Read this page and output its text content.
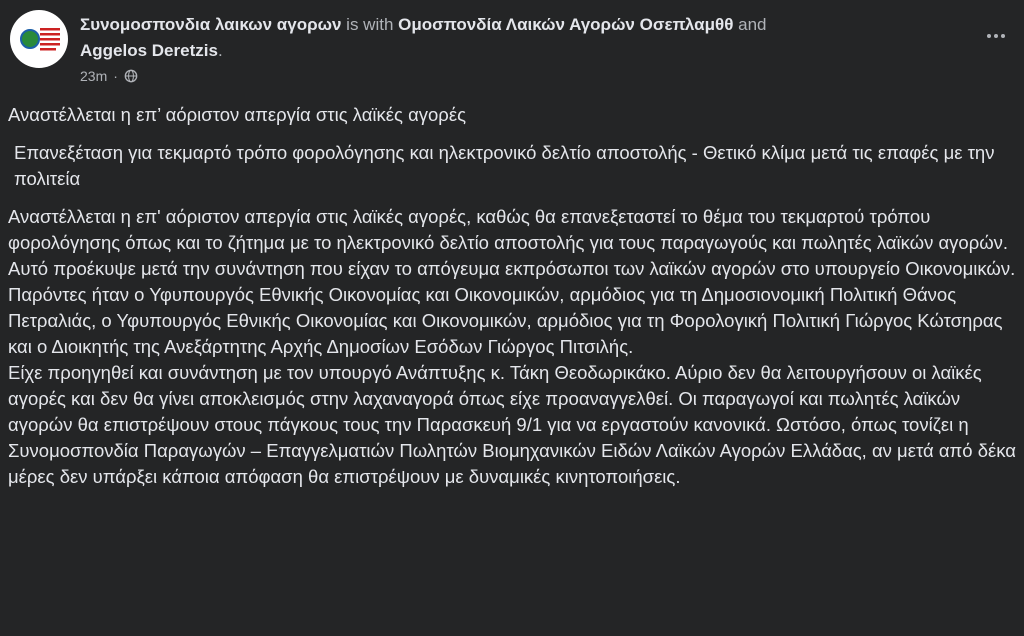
Συνομοσπονδια λαικων αγορων is with Ομοσπονδία Λαικών Αγορών Οσεπλαμθθ and
Aggelos Deretzis.
23m ·

Αναστέλλεται η επ’ αόριστον απεργία στις λαϊκές αγορές

Επανεξέταση για τεκμαρτό τρόπο φορολόγησης και ηλεκτρονικό δελτίο αποστολής - Θετικό κλίμα μετά τις επαφές με την πολιτεία

Αναστέλλεται η επ' αόριστον απεργία στις λαϊκές αγορές, καθώς θα επανεξεταστεί το θέμα του τεκμαρτού τρόπου φορολόγησης όπως και το ζήτημα με το ηλεκτρονικό δελτίο αποστολής για τους παραγωγούς και πωλητές λαϊκών αγορών.

Αυτό προέκυψε μετά την συνάντηση που είχαν το απόγευμα εκπρόσωποι των λαϊκών αγορών στο υπουργείο Οικονομικών.

Παρόντες ήταν ο Υφυπουργός Εθνικής Οικονομίας και Οικονομικών, αρμόδιος για τη Δημοσιονομική Πολιτική Θάνος Πετραλιάς, ο Υφυπουργός Εθνικής Οικονομίας και Οικονομικών, αρμόδιος για τη Φορολογική Πολιτική Γιώργος Κώτσηρας και ο Διοικητής της Ανεξάρτητης Αρχής Δημοσίων Εσόδων Γιώργος Πιτσιλής.

Είχε προηγηθεί και συνάντηση με τον υπουργό Ανάπτυξης κ. Τάκη Θεοδωρικάκο. Αύριο δεν θα λειτουργήσουν οι λαϊκές αγορές και δεν θα γίνει αποκλεισμός στην λαχαναγορά όπως είχε προαναγγελθεί. Οι παραγωγοί και πωλητές λαϊκών αγορών θα επιστρέψουν στους πάγκους τους την Παρασκευή 9/1 για να εργαστούν κανονικά. Ωστόσο, όπως τονίζει η Συνομοσπονδία Παραγωγών – Επαγγελματιών Πωλητών Βιομηχανικών Ειδών Λαϊκών Αγορών Ελλάδας, αν μετά από δέκα μέρες δεν υπάρξει κάποια απόφαση θα επιστρέψουν με δυναμικές κινητοποιήσεις.
